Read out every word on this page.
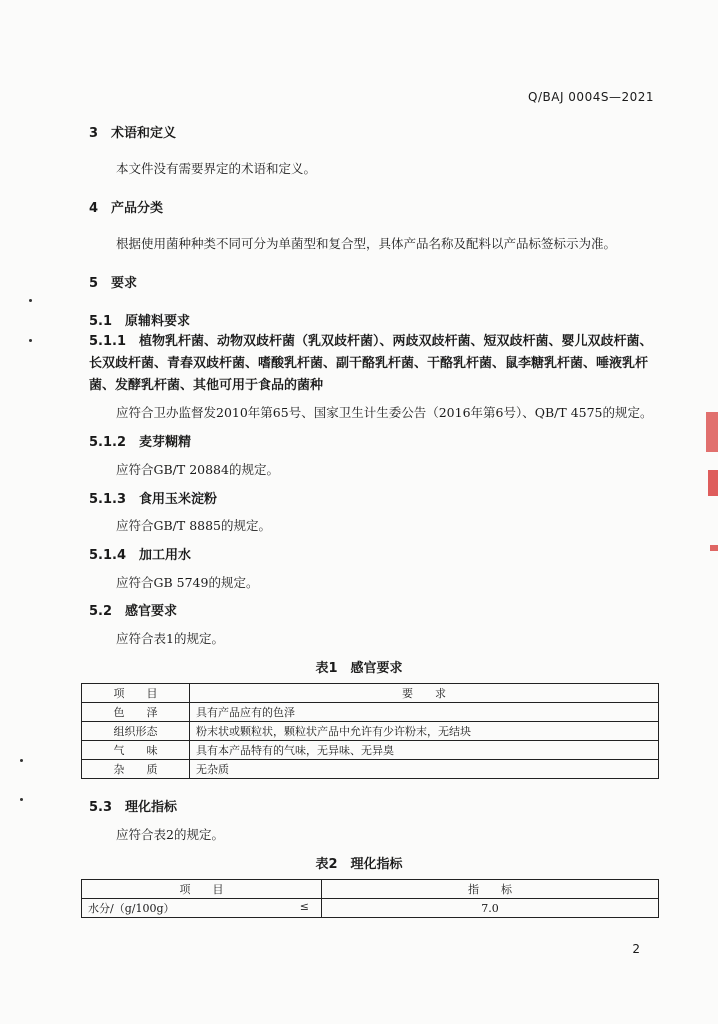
Q/BAJ 0004S—2021
3　术语和定义
本文件没有需要界定的术语和定义。
4　产品分类
根据使用菌种种类不同可分为单菌型和复合型，具体产品名称及配料以产品标签标示为准。
5　要求
5.1　原辅料要求
5.1.1　植物乳杆菌、动物双歧杆菌（乳双歧杆菌）、两歧双歧杆菌、短双歧杆菌、婴儿双歧杆菌、长双歧杆菌、青春双歧杆菌、嗜酸乳杆菌、副干酪乳杆菌、干酪乳杆菌、鼠李糖乳杆菌、唾液乳杆菌、发酵乳杆菌、其他可用于食品的菌种
应符合卫办监督发2010年第65号、国家卫生计生委公告（2016年第6号）、QB/T 4575的规定。
5.1.2　麦芽糊精
应符合GB/T 20884的规定。
5.1.3　食用玉米淀粉
应符合GB/T 8885的规定。
5.1.4　加工用水
应符合GB 5749的规定。
5.2　感官要求
应符合表1的规定。
表1　感官要求
项　　目	要　　求
色　　泽	具有产品应有的色泽
组织形态	粉末状或颗粒状，颗粒状产品中允许有少许粉末，无结块
气　　味	具有本产品特有的气味，无异味、无异臭
杂　　质	无杂质
5.3　理化指标
应符合表2的规定。
表2　理化指标
项　　目	指　　标
水分/（g/100g） ≤	7.0
2
